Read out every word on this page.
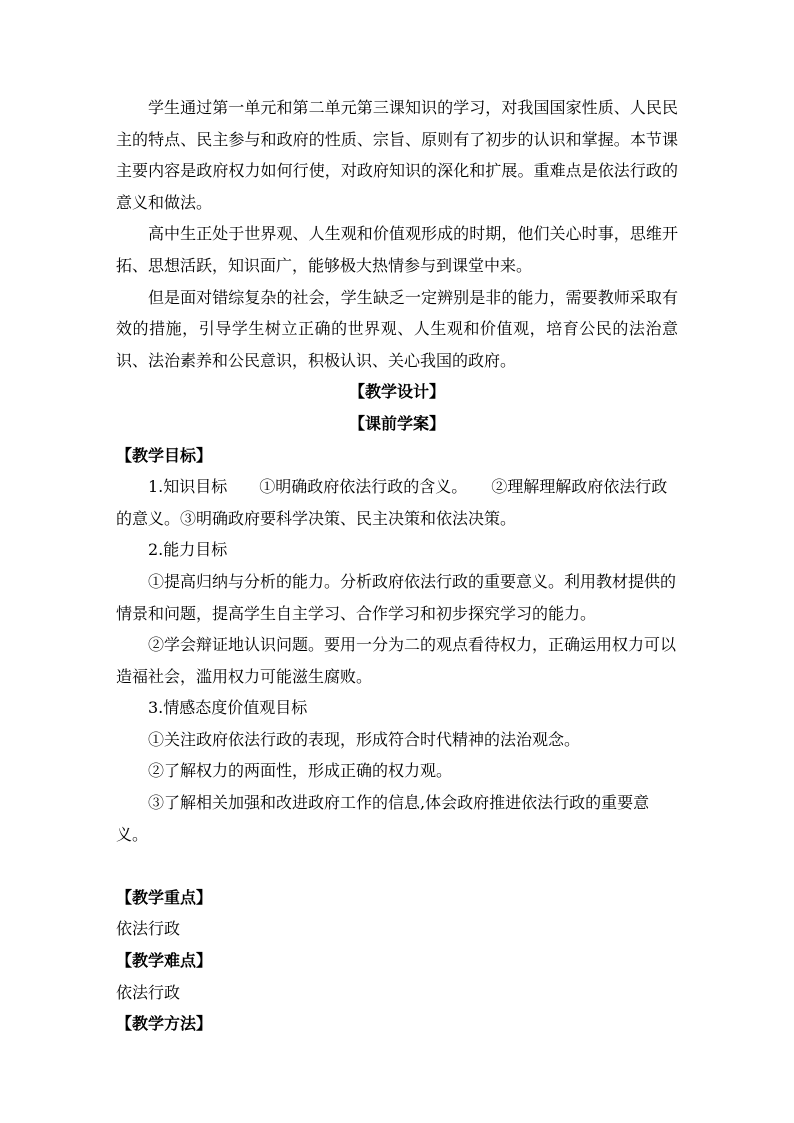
学生通过第一单元和第二单元第三课知识的学习，对我国国家性质、人民民主的特点、民主参与和政府的性质、宗旨、原则有了初步的认识和掌握。本节课主要内容是政府权力如何行使，对政府知识的深化和扩展。重难点是依法行政的意义和做法。

高中生正处于世界观、人生观和价值观形成的时期，他们关心时事，思维开拓、思想活跃，知识面广，能够极大热情参与到课堂中来。

但是面对错综复杂的社会，学生缺乏一定辨别是非的能力，需要教师采取有效的措施，引导学生树立正确的世界观、人生观和价值观，培育公民的法治意识、法治素养和公民意识，积极认识、关心我国的政府。

【教学设计】

【课前学案】

【教学目标】

1.知识目标　　①明确政府依法行政的含义。　　②理解理解政府依法行政的意义。③明确政府要科学决策、民主决策和依法决策。

2.能力目标

①提高归纳与分析的能力。分析政府依法行政的重要意义。利用教材提供的情景和问题，提高学生自主学习、合作学习和初步探究学习的能力。

②学会辩证地认识问题。要用一分为二的观点看待权力，正确运用权力可以造福社会，滥用权力可能滋生腐败。

3.情感态度价值观目标

①关注政府依法行政的表现，形成符合时代精神的法治观念。

②了解权力的两面性，形成正确的权力观。

③了解相关加强和改进政府工作的信息,体会政府推进依法行政的重要意义。

【教学重点】

依法行政

【教学难点】

依法行政

【教学方法】
